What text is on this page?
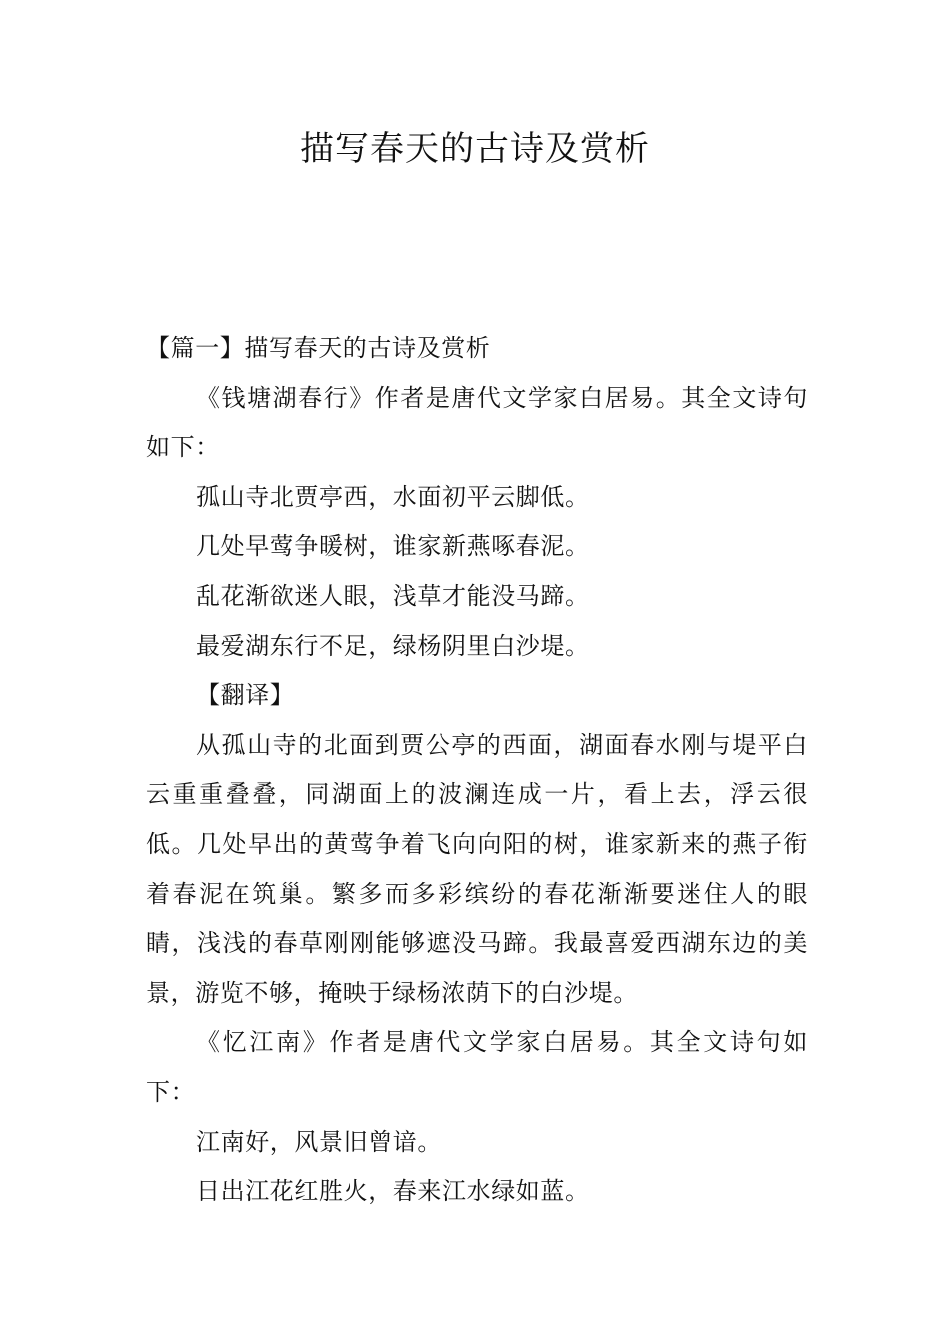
描写春天的古诗及赏析

【篇一】描写春天的古诗及赏析

《钱塘湖春行》作者是唐代文学家白居易。其全文诗句如下：

孤山寺北贾亭西，水面初平云脚低。

几处早莺争暖树，谁家新燕啄春泥。

乱花渐欲迷人眼，浅草才能没马蹄。

最爱湖东行不足，绿杨阴里白沙堤。

【翻译】

从孤山寺的北面到贾公亭的西面，湖面春水刚与堤平白云重重叠叠，同湖面上的波澜连成一片，看上去，浮云很低。几处早出的黄莺争着飞向向阳的树，谁家新来的燕子衔着春泥在筑巢。繁多而多彩缤纷的春花渐渐要迷住人的眼睛，浅浅的春草刚刚能够遮没马蹄。我最喜爱西湖东边的美景，游览不够，掩映于绿杨浓荫下的白沙堤。

《忆江南》作者是唐代文学家白居易。其全文诗句如下：

江南好，风景旧曾谙。

日出江花红胜火，春来江水绿如蓝。
